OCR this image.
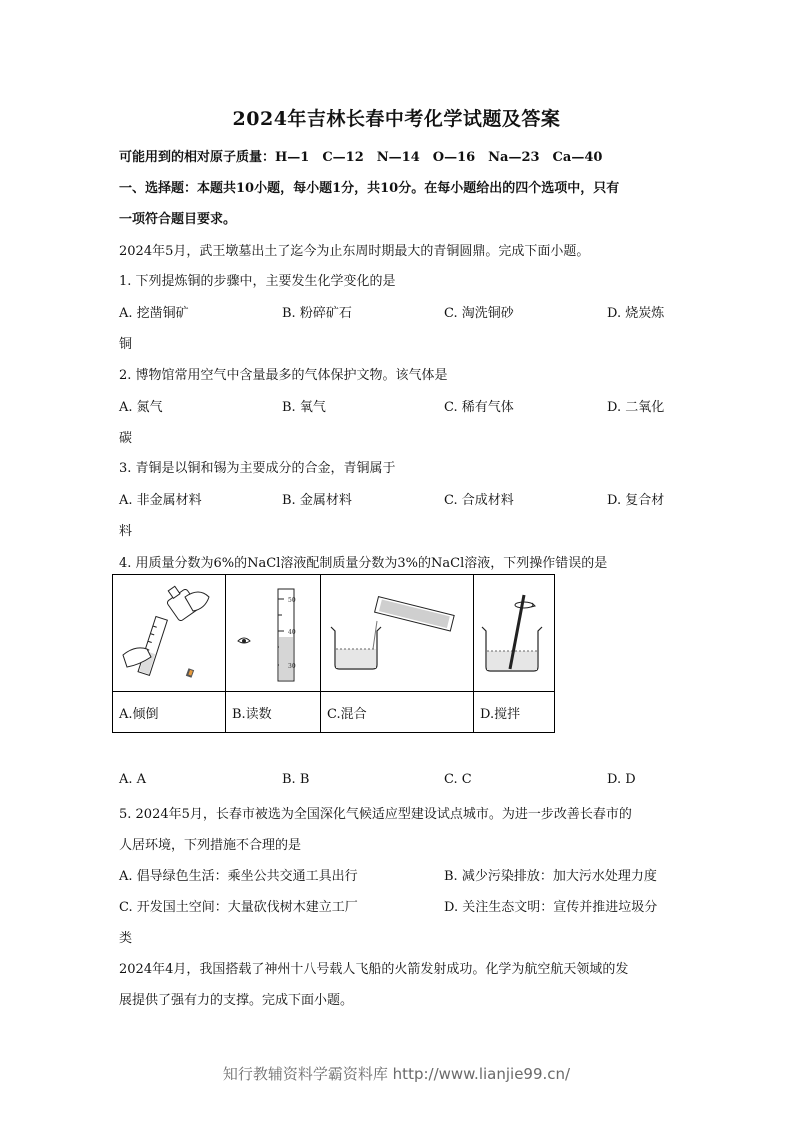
2024年吉林长春中考化学试题及答案
可能用到的相对原子质量：H—1　C—12　N—14　O—16　Na—23　Ca—40
一、选择题：本题共10小题，每小题1分，共10分。在每小题给出的四个选项中，只有
一项符合题目要求。
2024年5月，武王墩墓出土了迄今为止东周时期最大的青铜圆鼎。完成下面小题。
1. 下列提炼铜的步骤中，主要发生化学变化的是
A. 挖凿铜矿	B. 粉碎矿石	C. 淘洗铜砂	D. 烧炭炼
铜
2. 博物馆常用空气中含量最多的气体保护文物。该气体是
A. 氮气	B. 氧气	C. 稀有气体	D. 二氧化
碳
3. 青铜是以铜和锡为主要成分的合金，青铜属于
A. 非金属材料	B. 金属材料	C. 合成材料	D. 复合材
料
4. 用质量分数为6%的NaCl溶液配制质量分数为3%的NaCl溶液，下列操作错误的是

50
40
30

A.倾倒	B.读数	C.混合	D.搅拌
A. A	B. B	C. C	D. D
5. 2024年5月，长春市被选为全国深化气候适应型建设试点城市。为进一步改善长春市的
人居环境，下列措施不合理的是
A. 倡导绿色生活：乘坐公共交通工具出行	B. 减少污染排放：加大污水处理力度
C. 开发国土空间：大量砍伐树木建立工厂	D. 关注生态文明：宣传并推进垃圾分
类
2024年4月，我国搭载了神州十八号载人飞船的火箭发射成功。化学为航空航天领域的发
展提供了强有力的支撑。完成下面小题。
知行教辅资料学霸资料库 http://www.lianjie99.cn/
